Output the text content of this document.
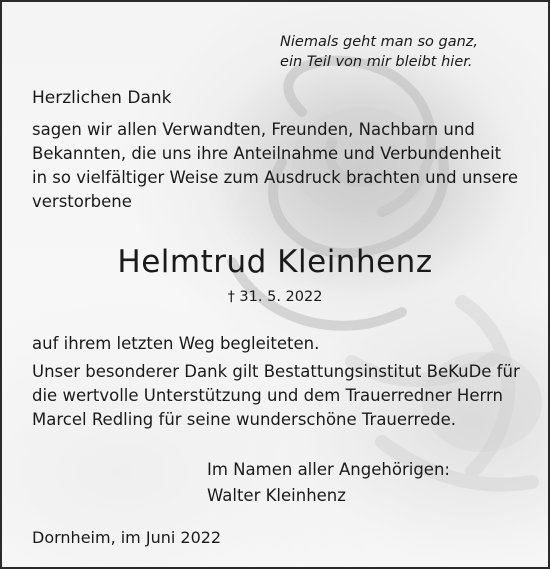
Niemals geht man so ganz,
ein Teil von mir bleibt hier.
Herzlichen Dank
sagen wir allen Verwandten, Freunden, Nachbarn und
Bekannten, die uns ihre Anteilnahme und Verbundenheit
in so vielfältiger Weise zum Ausdruck brachten und unsere
verstorbene
Helmtrud Kleinhenz
† 31. 5. 2022
auf ihrem letzten Weg begleiteten.
Unser besonderer Dank gilt Bestattungsinstitut BeKuDe für
die wertvolle Unterstützung und dem Trauerredner Herrn
Marcel Redling für seine wunderschöne Trauerrede.
Im Namen aller Angehörigen:
Walter Kleinhenz
Dornheim, im Juni 2022
